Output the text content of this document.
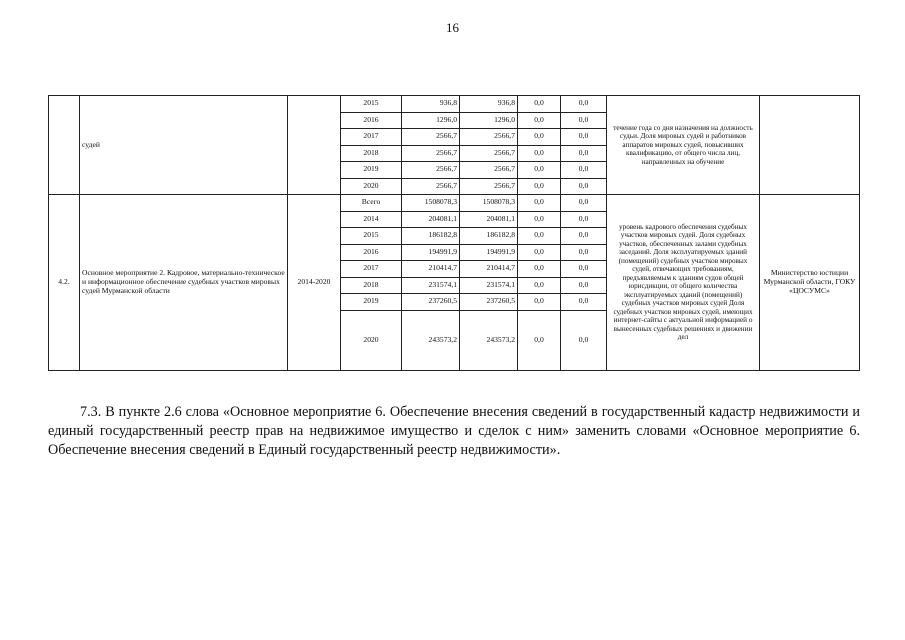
16
	судей		2015	936,8	936,8	0,0	0,0	течение года со дня назначения на должность судьи. Доля мировых судей и работников аппаратов мировых судей, повысивших квалификацию, от общего числа лиц, направленных на обучение	
			2016	1296,0	1296,0	0,0	0,0		
			2017	2566,7	2566,7	0,0	0,0		
			2018	2566,7	2566,7	0,0	0,0		
			2019	2566,7	2566,7	0,0	0,0		
			2020	2566,7	2566,7	0,0	0,0		
4.2.	Основное мероприятие 2. Кадровое, материально-техническое и информационное обеспечение судебных участков мировых судей Мурманской области	2014-2020	Всего	1508078,3	1508078,3	0,0	0,0	уровень кадрового обеспечения судебных участков мировых судей. Доля судебных участков, обеспеченных залами судебных заседаний. Доля эксплуатируемых зданий (помещений) судебных участков мировых судей, отвечающих требованиям, предъявляемым к зданиям судов общей юрисдикции, от общего количества эксплуатируемых зданий (помещений) судебных участков мировых судей Доля судебных участков мировых судей, имеющих интернет-сайты с актуальной информацией о вынесенных судебных решениях и движении дел	Министерство юстиции Мурманской области, ГОКУ «ЦОСУМС»
			2014	204081,1	204081,1	0,0	0,0		
			2015	186182,8	186182,8	0,0	0,0		
			2016	194991,9	194991,9	0,0	0,0		
			2017	210414,7	210414,7	0,0	0,0		
			2018	231574,1	231574,1	0,0	0,0		
			2019	237260,5	237260,5	0,0	0,0		
			2020	243573,2	243573,2	0,0	0,0		
7.3. В пункте 2.6 слова «Основное мероприятие 6. Обеспечение внесения сведений в государственный кадастр недвижимости и единый государственный реестр прав на недвижимое имущество и сделок с ним» заменить словами «Основное мероприятие 6. Обеспечение внесения сведений в Единый государственный реестр недвижимости».
